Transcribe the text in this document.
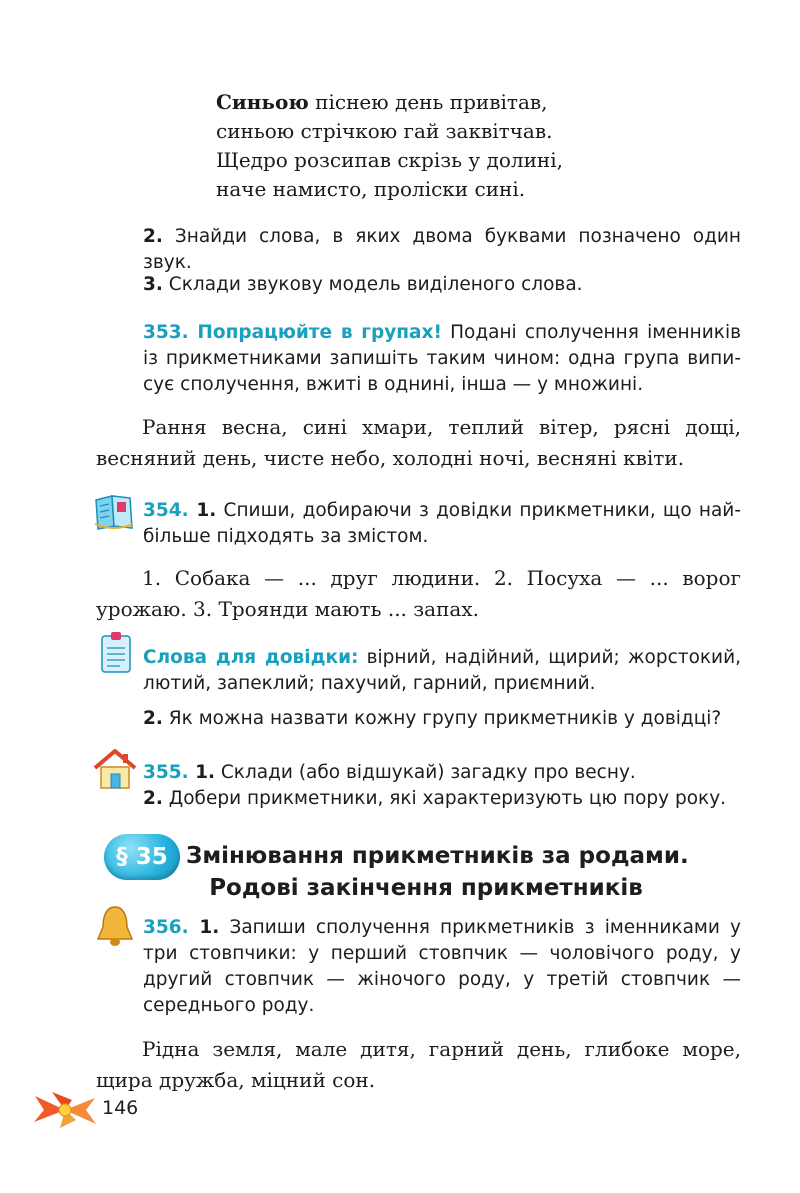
Синьою піснею день привітав,
синьою стрічкою гай заквітчав.
Щедро розсипав скрізь у долині,
наче намисто, проліски сині.
2. Знайди слова, в яких двома буквами позначено один звук.
3. Склади звукову модель виділеного слова.
353. Попрацюйте в групах! Подані сполучення іменників із прикметниками запишіть таким чином: одна група виписує сполучення, вжиті в однині, інша — у множині.
Рання весна, сині хмари, теплий вітер, рясні дощі, весняний день, чисте небо, холодні ночі, весняні квіти.
354. 1. Спиши, добираючи з довідки прикметники, що найбільше підходять за змістом.
1. Собака — ... друг людини. 2. Посуха — ... ворог урожаю. 3. Троянди мають ... запах.
Слова для довідки: вірний, надійний, щирий; жорстокий, лютий, запеклий; пахучий, гарний, приємний.
2. Як можна назвати кожну групу прикметників у довідці?
355. 1. Склади (або відшукай) загадку про весну.
2. Добери прикметники, які характеризують цю пору року.
§ 35 Змінювання прикметників за родами.
Родові закінчення прикметників
356. 1. Запиши сполучення прикметників з іменниками у три стовпчики: у перший стовпчик — чоловічого роду, у другий стовпчик — жіночого роду, у третій стовпчик — середнього роду.
Рідна земля, мале дитя, гарний день, глибоке море, щира дружба, міцний сон.
146
